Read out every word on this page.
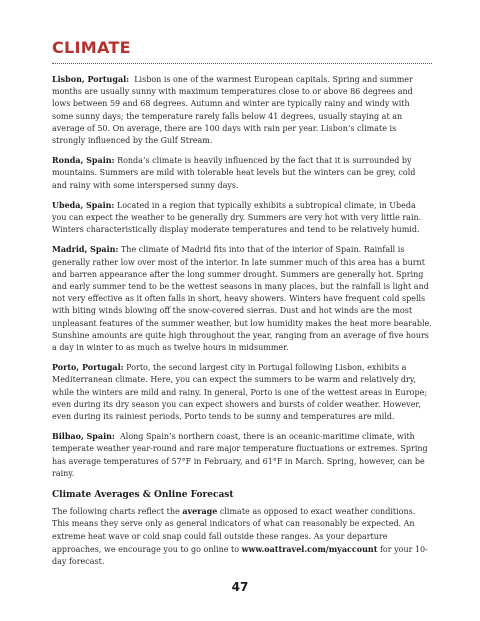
CLIMATE

Lisbon, Portugal: Lisbon is one of the warmest European capitals. Spring and summer months are usually sunny with maximum temperatures close to or above 86 degrees and lows between 59 and 68 degrees. Autumn and winter are typically rainy and windy with some sunny days; the temperature rarely falls below 41 degrees, usually staying at an average of 50. On average, there are 100 days with rain per year. Lisbon’s climate is strongly influenced by the Gulf Stream.

Ronda, Spain: Ronda’s climate is heavily influenced by the fact that it is surrounded by mountains. Summers are mild with tolerable heat levels but the winters can be grey, cold and rainy with some interspersed sunny days.

Ubeda, Spain: Located in a region that typically exhibits a subtropical climate, in Ubeda you can expect the weather to be generally dry. Summers are very hot with very little rain. Winters characteristically display moderate temperatures and tend to be relatively humid.

Madrid, Spain: The climate of Madrid fits into that of the interior of Spain. Rainfall is generally rather low over most of the interior. In late summer much of this area has a burnt and barren appearance after the long summer drought. Summers are generally hot. Spring and early summer tend to be the wettest seasons in many places, but the rainfall is light and not very effective as it often falls in short, heavy showers. Winters have frequent cold spells with biting winds blowing off the snow-covered sierras. Dust and hot winds are the most unpleasant features of the summer weather, but low humidity makes the heat more bearable. Sunshine amounts are quite high throughout the year, ranging from an average of five hours a day in winter to as much as twelve hours in midsummer.

Porto, Portugal: Porto, the second largest city in Portugal following Lisbon, exhibits a Mediterranean climate. Here, you can expect the summers to be warm and relatively dry, while the winters are mild and rainy. In general, Porto is one of the wettest areas in Europe; even during its dry season you can expect showers and bursts of colder weather. However, even during its rainiest periods, Porto tends to be sunny and temperatures are mild.

Bilbao, Spain: Along Spain’s northern coast, there is an oceanic-maritime climate, with temperate weather year-round and rare major temperature fluctuations or extremes. Spring has average temperatures of 57°F in February, and 61°F in March. Spring, however, can be rainy.

Climate Averages & Online Forecast

The following charts reflect the average climate as opposed to exact weather conditions. This means they serve only as general indicators of what can reasonably be expected. An extreme heat wave or cold snap could fall outside these ranges. As your departure approaches, we encourage you to go online to www.oattravel.com/myaccount for your 10-day forecast.

47
